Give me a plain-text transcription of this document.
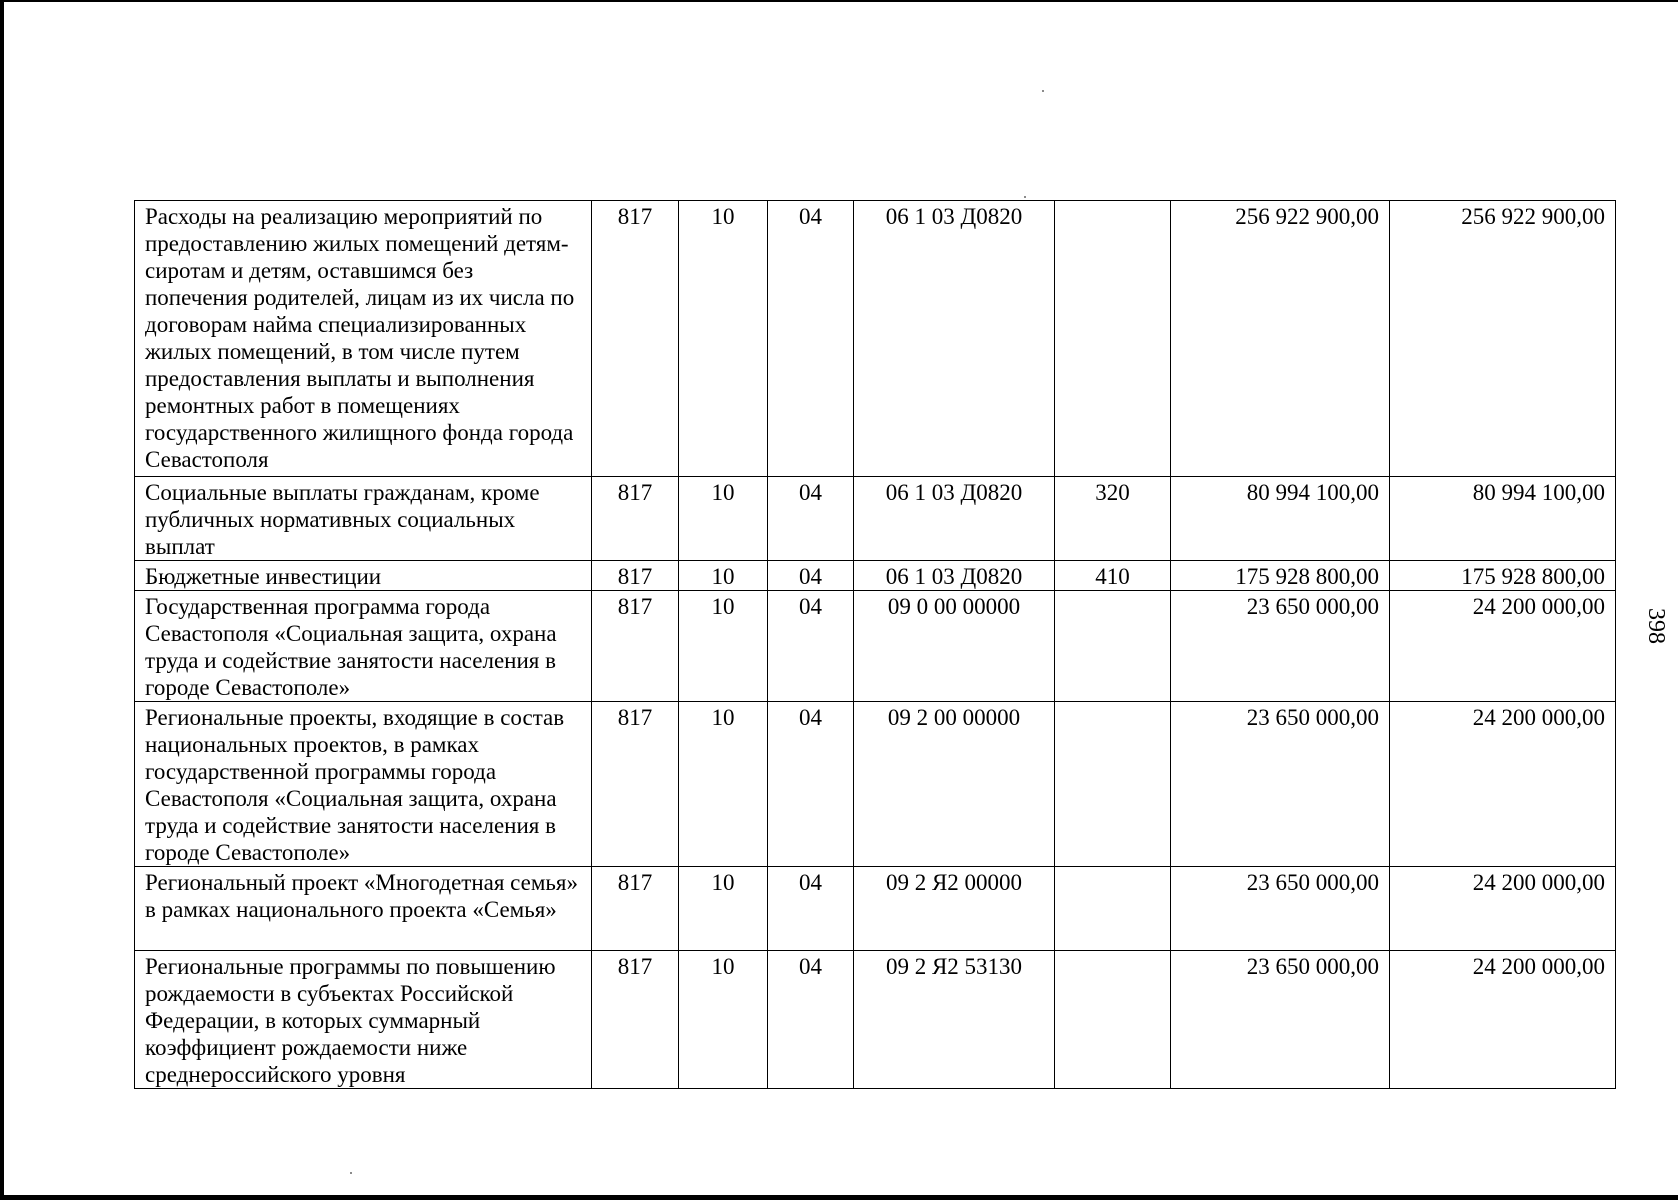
Расходы на реализацию мероприятий по предоставлению жилых помещений детям-сиротам и детям, оставшимся без попечения родителей, лицам из их числа по договорам найма специализированных жилых помещений, в том числе путем предоставления выплаты и выполнения ремонтных работ в помещениях государственного жилищного фонда города Севастополя	817	10	04	06 1 03 Д0820		256 922 900,00	256 922 900,00
Социальные выплаты гражданам, кроме публичных нормативных социальных выплат	817	10	04	06 1 03 Д0820	320	80 994 100,00	80 994 100,00
Бюджетные инвестиции	817	10	04	06 1 03 Д0820	410	175 928 800,00	175 928 800,00
Государственная программа города Севастополя «Социальная защита, охрана труда и содействие занятости населения в городе Севастополе»	817	10	04	09 0 00 00000		23 650 000,00	24 200 000,00
Региональные проекты, входящие в состав национальных проектов, в рамках государственной программы города Севастополя «Социальная защита, охрана труда и содействие занятости населения в городе Севастополе»	817	10	04	09 2 00 00000		23 650 000,00	24 200 000,00
Региональный проект «Многодетная семья» в рамках национального проекта «Семья»	817	10	04	09 2 Я2 00000		23 650 000,00	24 200 000,00
Региональные программы по повышению рождаемости в субъектах Российской Федерации, в которых суммарный коэффициент рождаемости ниже среднероссийского уровня	817	10	04	09 2 Я2 53130		23 650 000,00	24 200 000,00
398
